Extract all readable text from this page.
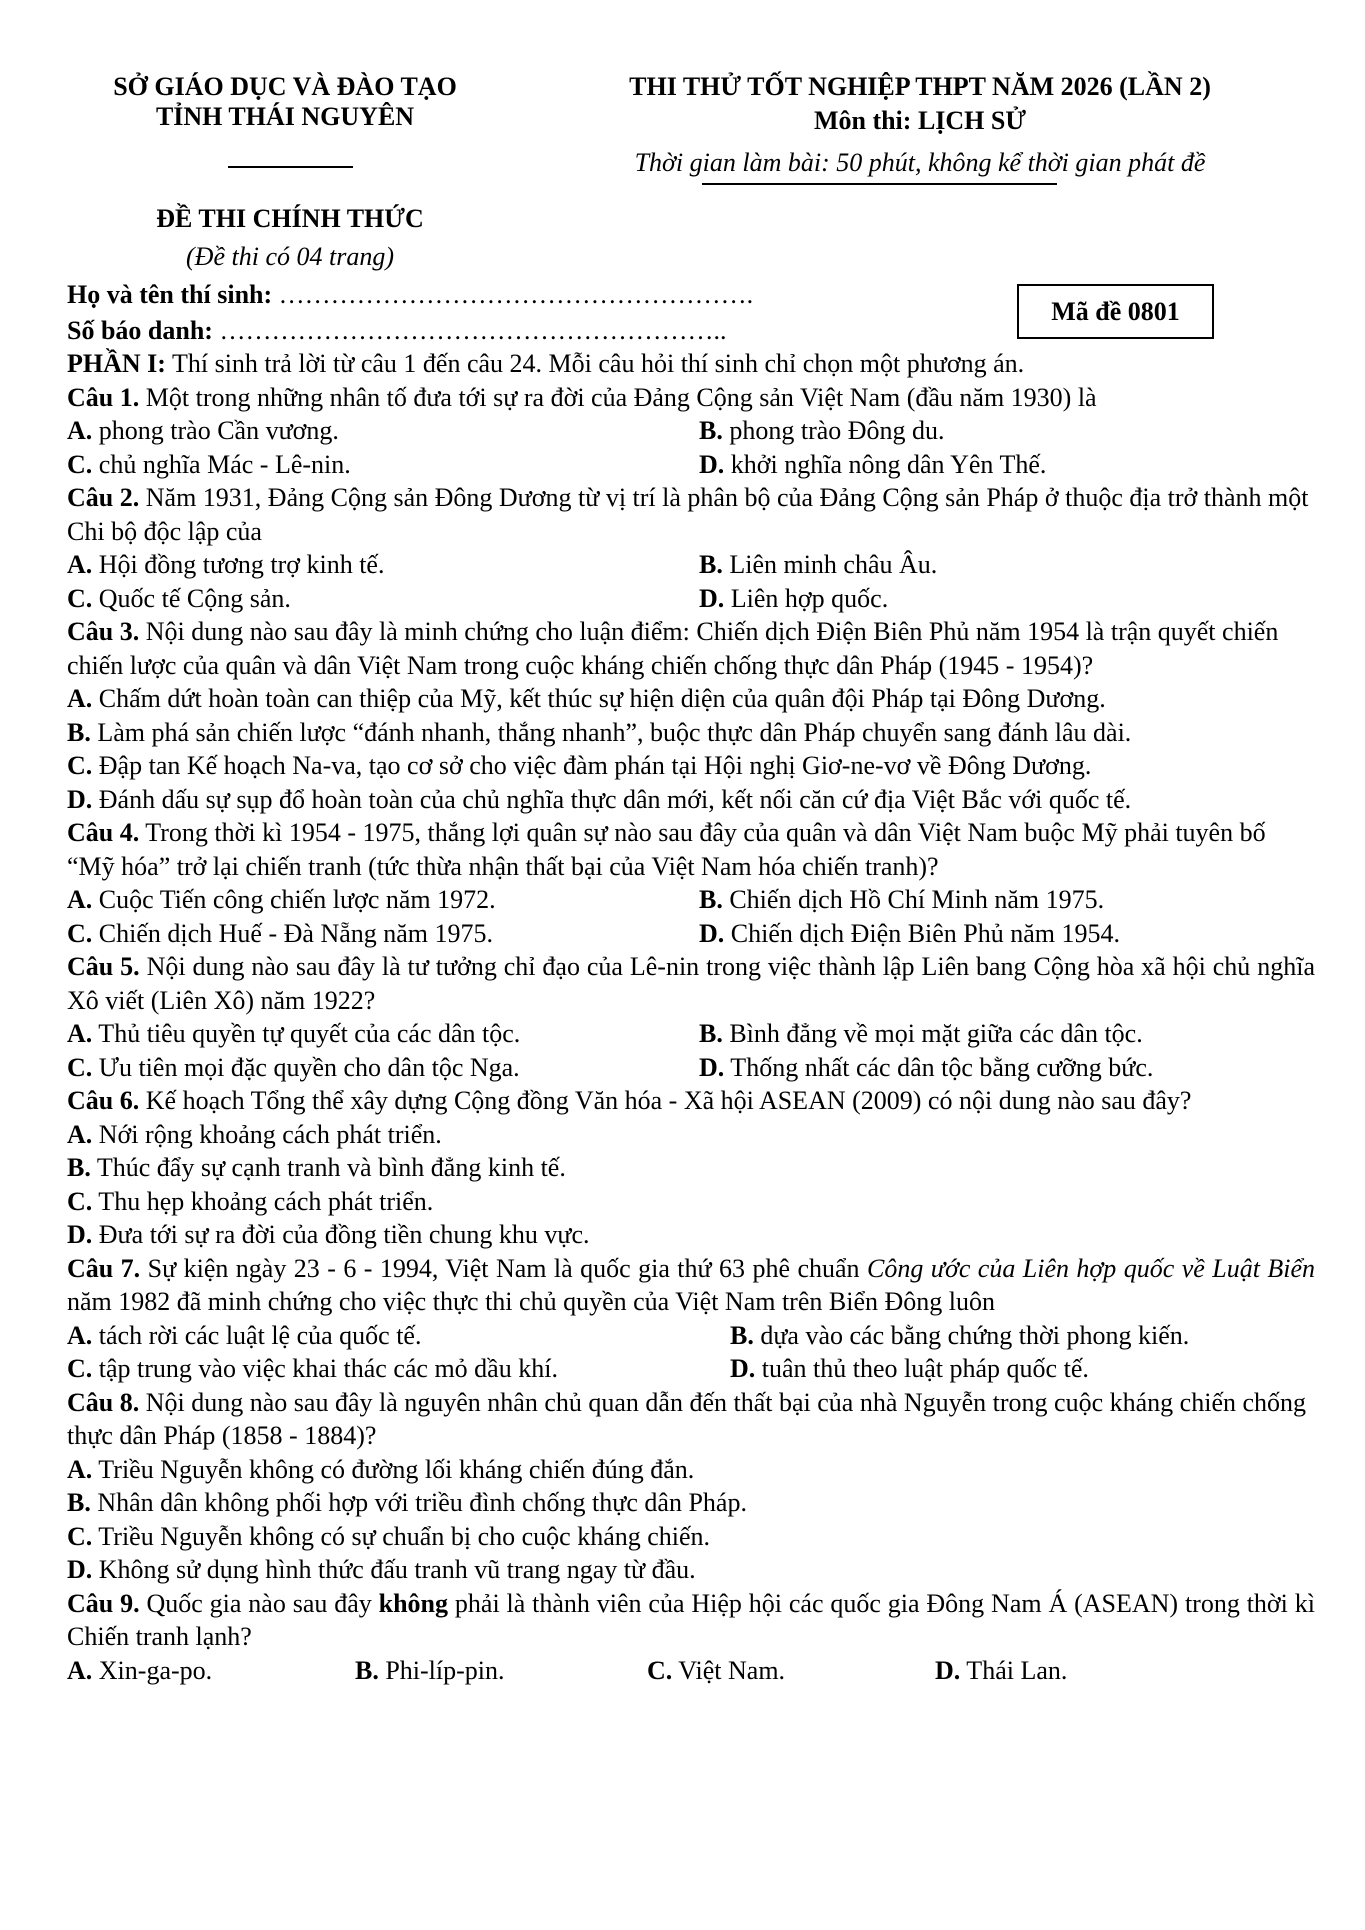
SỞ GIÁO DỤC VÀ ĐÀO TẠO
TỈNH THÁI NGUYÊN
THI THỬ TỐT NGHIỆP THPT NĂM 2026 (LẦN 2)
Môn thi: LỊCH SỬ
Thời gian làm bài: 50 phút, không kể thời gian phát đề
ĐỀ THI CHÍNH THỨC
(Đề thi có 04 trang)
Họ và tên thí sinh: ……………………………………………….
Số báo danh: …………………………………………………..
Mã đề 0801

PHẦN I: Thí sinh trả lời từ câu 1 đến câu 24. Mỗi câu hỏi thí sinh chỉ chọn một phương án.

Câu 1. Một trong những nhân tố đưa tới sự ra đời của Đảng Cộng sản Việt Nam (đầu năm 1930) là

A. phong trào Cần vương.	B. phong trào Đông du.
C. chủ nghĩa Mác - Lê-nin.	D. khởi nghĩa nông dân Yên Thế.

Câu 2. Năm 1931, Đảng Cộng sản Đông Dương từ vị trí là phân bộ của Đảng Cộng sản Pháp ở thuộc địa trở thành một Chi bộ độc lập của

A. Hội đồng tương trợ kinh tế.	B. Liên minh châu Âu.
C. Quốc tế Cộng sản.	D. Liên hợp quốc.

Câu 3. Nội dung nào sau đây là minh chứng cho luận điểm: Chiến dịch Điện Biên Phủ năm 1954 là trận quyết chiến chiến lược của quân và dân Việt Nam trong cuộc kháng chiến chống thực dân Pháp (1945 - 1954)?

A. Chấm dứt hoàn toàn can thiệp của Mỹ, kết thúc sự hiện diện của quân đội Pháp tại Đông Dương.

B. Làm phá sản chiến lược “đánh nhanh, thắng nhanh”, buộc thực dân Pháp chuyển sang đánh lâu dài.

C. Đập tan Kế hoạch Na-va, tạo cơ sở cho việc đàm phán tại Hội nghị Giơ-ne-vơ về Đông Dương.

D. Đánh dấu sự sụp đổ hoàn toàn của chủ nghĩa thực dân mới, kết nối căn cứ địa Việt Bắc với quốc tế.

Câu 4. Trong thời kì 1954 - 1975, thắng lợi quân sự nào sau đây của quân và dân Việt Nam buộc Mỹ phải tuyên bố “Mỹ hóa” trở lại chiến tranh (tức thừa nhận thất bại của Việt Nam hóa chiến tranh)?

A. Cuộc Tiến công chiến lược năm 1972.	B. Chiến dịch Hồ Chí Minh năm 1975.
C. Chiến dịch Huế - Đà Nẵng năm 1975.	D. Chiến dịch Điện Biên Phủ năm 1954.

Câu 5. Nội dung nào sau đây là tư tưởng chỉ đạo của Lê-nin trong việc thành lập Liên bang Cộng hòa xã hội chủ nghĩa Xô viết (Liên Xô) năm 1922?

A. Thủ tiêu quyền tự quyết của các dân tộc.	B. Bình đẳng về mọi mặt giữa các dân tộc.
C. Ưu tiên mọi đặc quyền cho dân tộc Nga.	D. Thống nhất các dân tộc bằng cưỡng bức.

Câu 6. Kế hoạch Tổng thể xây dựng Cộng đồng Văn hóa - Xã hội ASEAN (2009) có nội dung nào sau đây?

A. Nới rộng khoảng cách phát triển.

B. Thúc đẩy sự cạnh tranh và bình đẳng kinh tế.

C. Thu hẹp khoảng cách phát triển.

D. Đưa tới sự ra đời của đồng tiền chung khu vực.

Câu 7. Sự kiện ngày 23 - 6 - 1994, Việt Nam là quốc gia thứ 63 phê chuẩn Công ước của Liên hợp quốc về Luật Biển năm 1982 đã minh chứng cho việc thực thi chủ quyền của Việt Nam trên Biển Đông luôn

A. tách rời các luật lệ của quốc tế.	B. dựa vào các bằng chứng thời phong kiến.
C. tập trung vào việc khai thác các mỏ dầu khí.	D. tuân thủ theo luật pháp quốc tế.

Câu 8. Nội dung nào sau đây là nguyên nhân chủ quan dẫn đến thất bại của nhà Nguyễn trong cuộc kháng chiến chống thực dân Pháp (1858 - 1884)?

A. Triều Nguyễn không có đường lối kháng chiến đúng đắn.

B. Nhân dân không phối hợp với triều đình chống thực dân Pháp.

C. Triều Nguyễn không có sự chuẩn bị cho cuộc kháng chiến.

D. Không sử dụng hình thức đấu tranh vũ trang ngay từ đầu.

Câu 9. Quốc gia nào sau đây không phải là thành viên của Hiệp hội các quốc gia Đông Nam Á (ASEAN) trong thời kì Chiến tranh lạnh?

A. Xin-ga-po.	B. Phi-líp-pin.	C. Việt Nam.	D. Thái Lan.
